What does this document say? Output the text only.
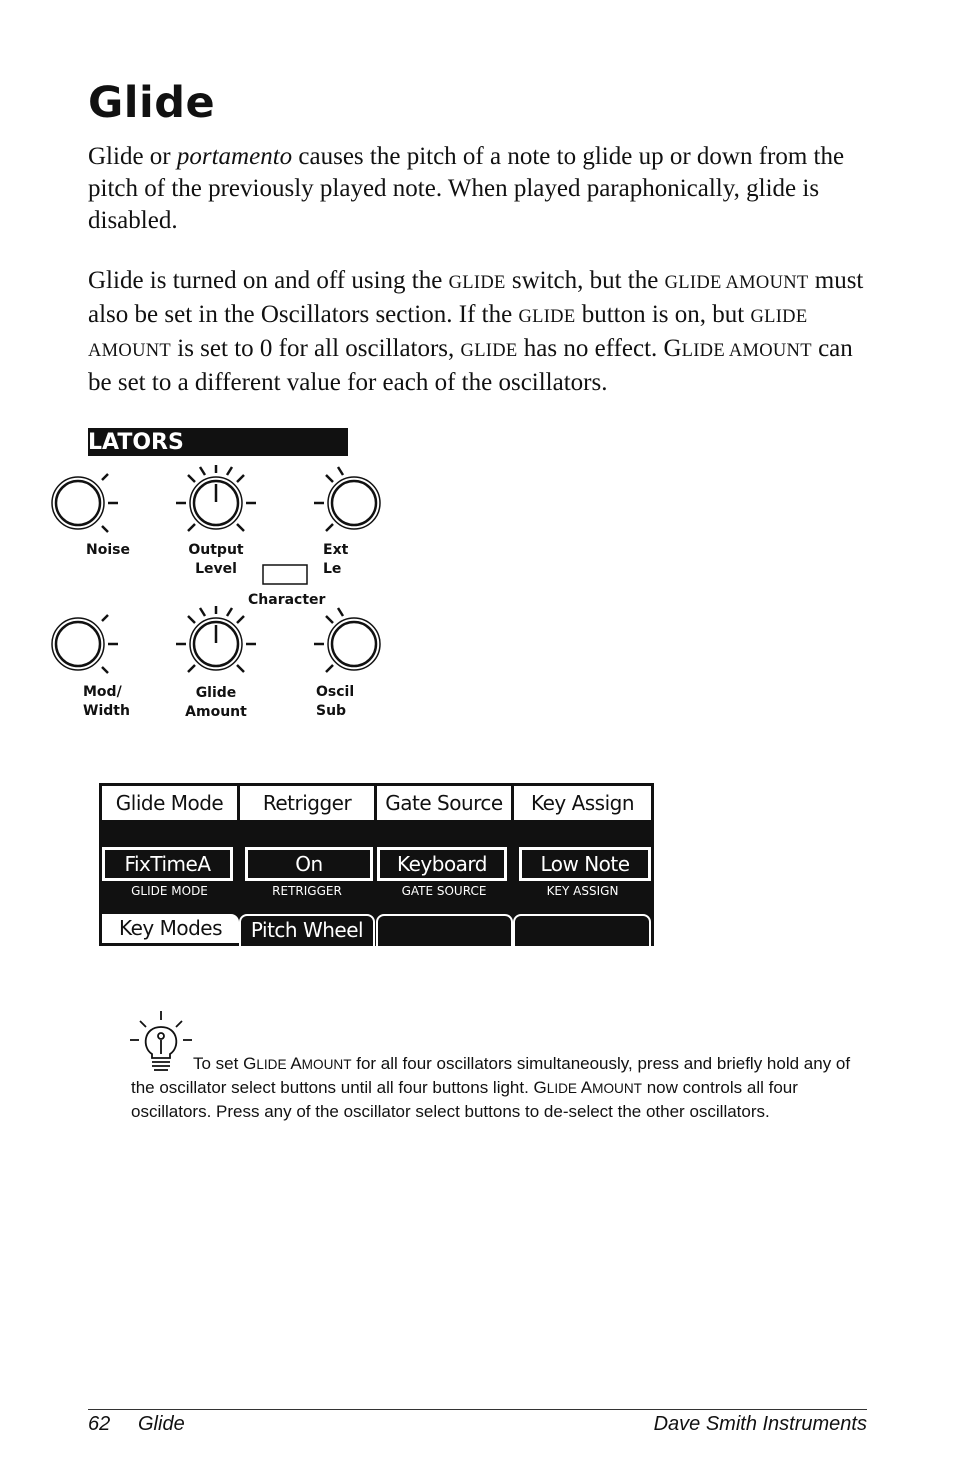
Glide

Glide or portamento causes the pitch of a note to glide up or down from the pitch of the previously played note. When played paraphonically, glide is disabled.

Glide is turned on and off using the GLIDE switch, but the GLIDE AMOUNT must also be set in the Oscillators section. If the GLIDE button is on, but GLIDE AMOUNT is set to 0 for all oscillators, GLIDE has no effect. GLIDE AMOUNT can be set to a different value for each of the oscillators.

LATORS
Noise	Output
Level
Ext
Le
Character
Mod/
Width
Glide
Amount
Oscil
Sub
Glide Mode	Retrigger	Gate Source	Key Assign
FixTimeA	On	Keyboard	Low Note
GLIDE MODE	RETRIGGER	GATE SOURCE	KEY ASSIGN
Key Modes	Pitch Wheel

To set GLIDE AMOUNT for all four oscillators simultaneously, press and briefly hold any of the oscillator select buttons until all four buttons light. GLIDE AMOUNT now controls all four oscillators. Press any of the oscillator select buttons to de-select the other oscillators.

62 Glide	Dave Smith Instruments
